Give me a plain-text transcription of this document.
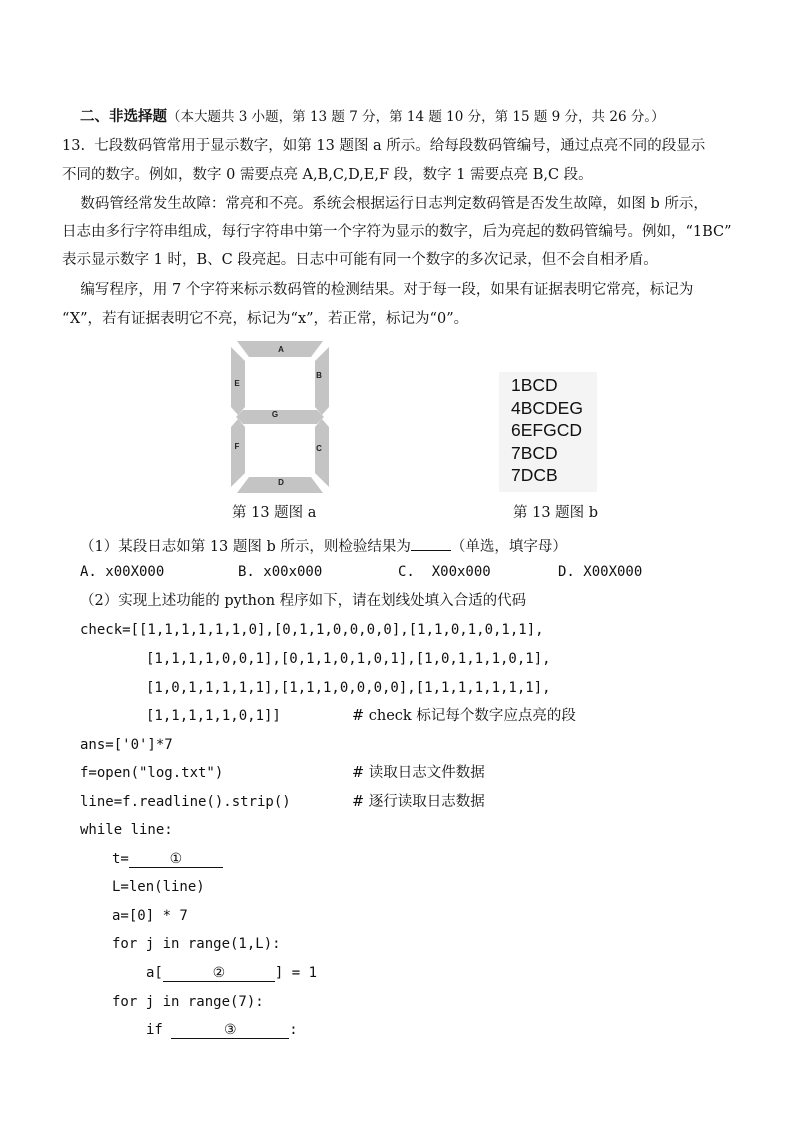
二、非选择题（本大题共 3 小题，第 13 题 7 分，第 14 题 10 分，第 15 题 9 分，共 26 分。）
13.  七段数码管常用于显示数字，如第 13 题图 a 所示。给每段数码管编号，通过点亮不同的段显示
不同的数字。例如，数字 0 需要点亮 A,B,C,D,E,F 段，数字 1 需要点亮 B,C 段。
数码管经常发生故障：常亮和不亮。系统会根据运行日志判定数码管是否发生故障，如图 b 所示，
日志由多行字符串组成，每行字符串中第一个字符为显示的数字，后为亮起的数码管编号。例如，“1BC”
表示显示数字 1 时，B、C 段亮起。日志中可能有同一个数字的多次记录，但不会自相矛盾。
编写程序，用 7 个字符来标示数码管的检测结果。对于每一段，如果有证据表明它常亮，标记为
“X”，若有证据表明它不亮，标记为“x”，若正常，标记为“0”。
A
B
C
D
E
F
G
第 13 题图 a
1BCD
4BCDEG
6EFGCD
7BCD
7DCB
第 13 题图 b
（1）某段日志如第 13 题图 b 所示，则检验结果为	（单选，填字母）
A. x00X000	B. x00x000	C.  X00x000	D. X00X000
（2）实现上述功能的 python 程序如下，请在划线处填入合适的代码
check=[[1,1,1,1,1,1,0],[0,1,1,0,0,0,0],[1,1,0,1,0,1,1],
[1,1,1,1,0,0,1],[0,1,1,0,1,0,1],[1,0,1,1,1,0,1],
[1,0,1,1,1,1,1],[1,1,1,0,0,0,0],[1,1,1,1,1,1,1],
[1,1,1,1,1,0,1]]	# check 标记每个数字应点亮的段
ans=['0']*7
f=open("log.txt")	# 读取日志文件数据
line=f.readline().strip()	# 逐行读取日志数据
while line:
t=	①
L=len(line)
a=[0] * 7
for j in range(1,L):
a[	②	] = 1
for j in range(7):
if	③	:
